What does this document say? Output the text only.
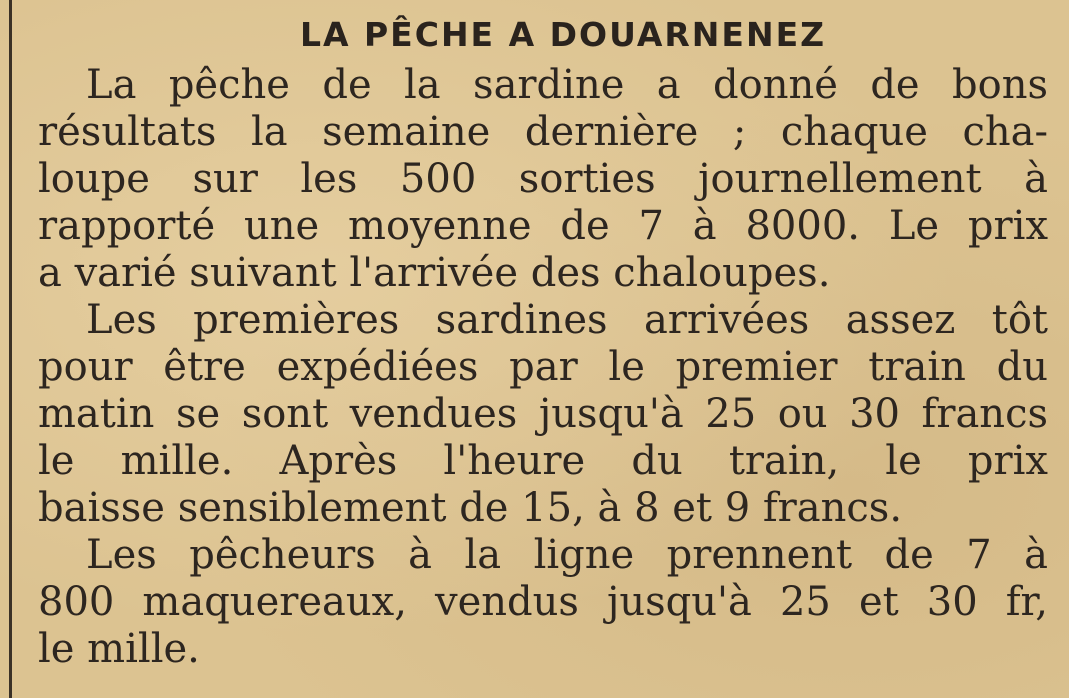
LA PÊCHE A DOUARNENEZ
La pêche de la sardine a donné de bons
résultats la semaine dernière ; chaque cha-
loupe sur les 500 sorties journellement à
rapporté une moyenne de 7 à 8000. Le prix
a varié suivant l'arrivée des chaloupes.
Les premières sardines arrivées assez tôt
pour être expédiées par le premier train du
matin se sont vendues jusqu'à 25 ou 30 francs
le mille. Après l'heure du train, le prix
baisse sensiblement de 15, à 8 et 9 francs.
Les pêcheurs à la ligne prennent de 7 à
800 maquereaux, vendus jusqu'à 25 et 30 fr,
le mille.
